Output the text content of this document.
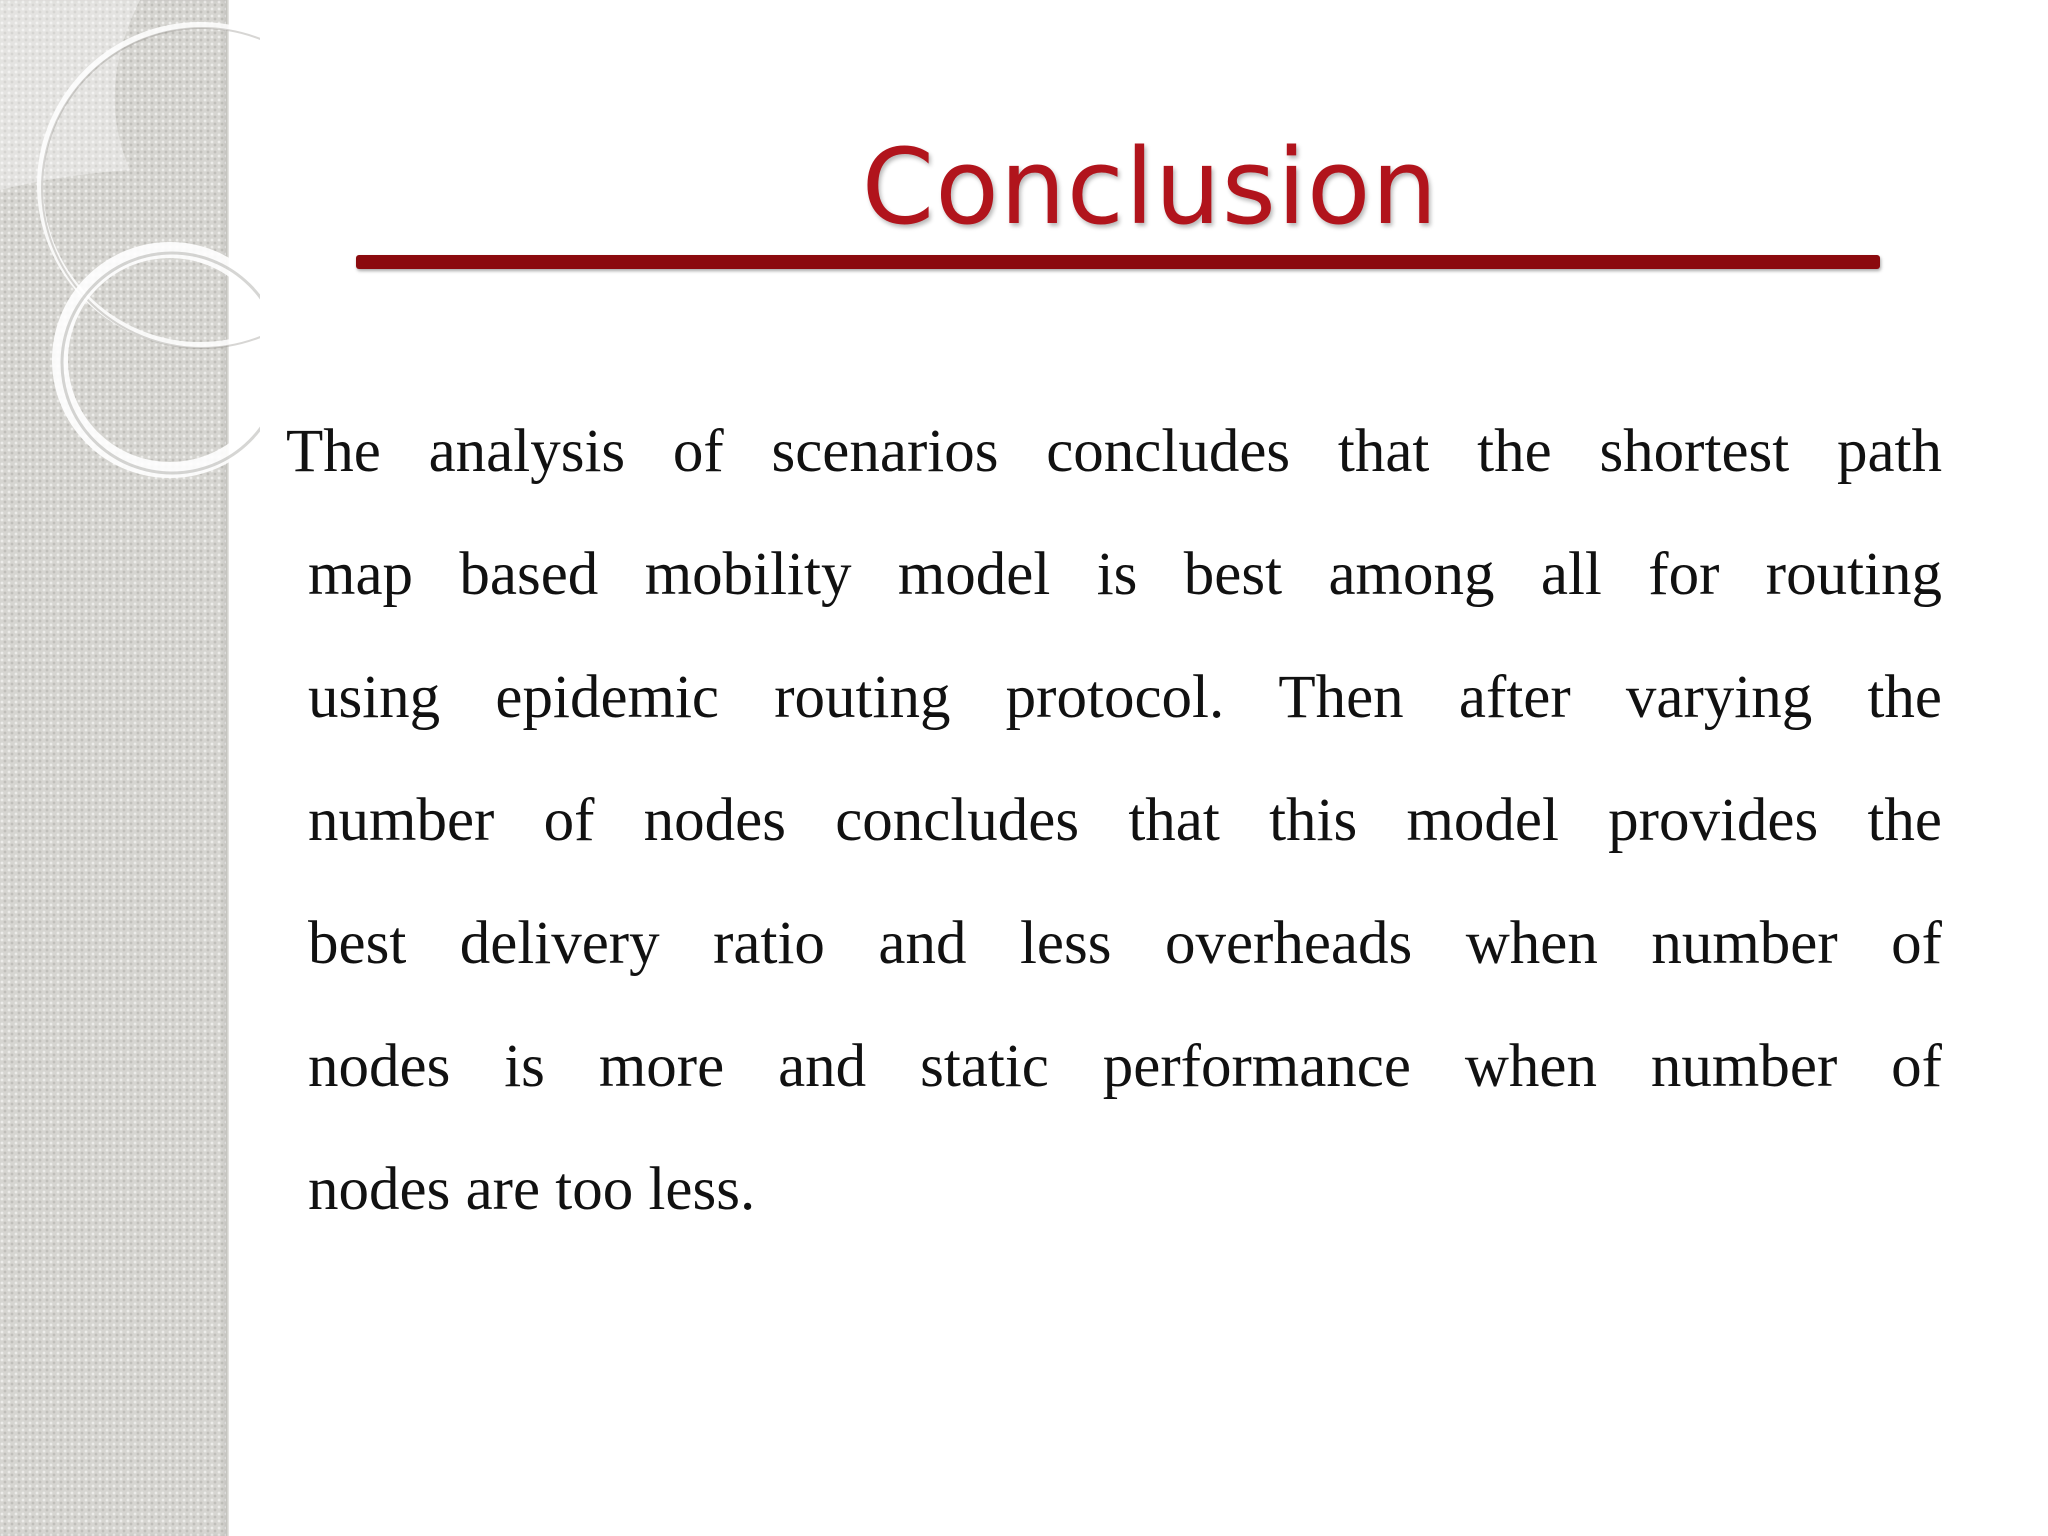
Conclusion
The analysis of scenarios concludes that the shortest path
map based mobility model is best among all for routing
using epidemic routing protocol. Then after varying the
number of nodes concludes that this model provides the
best delivery ratio and less overheads when number of
nodes is more and static performance when number of
nodes are too less.
